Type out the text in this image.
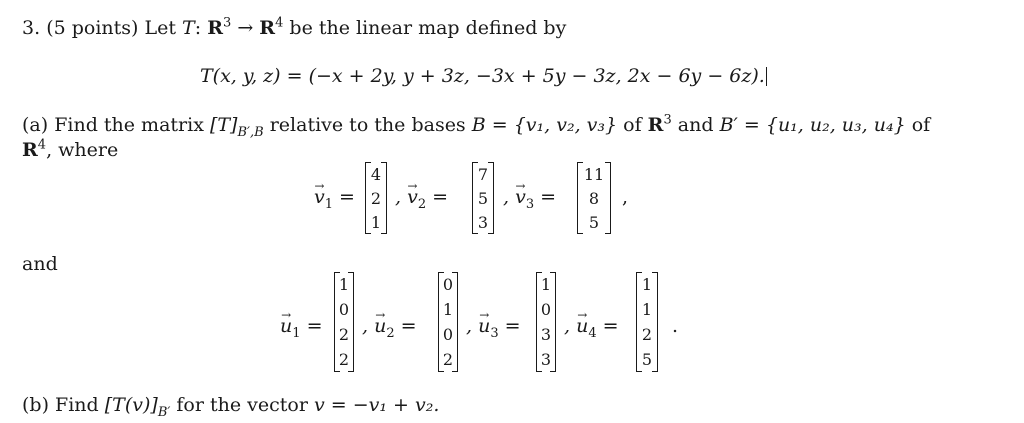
3. (5 points) Let T: $R^3 \to R^4$ be the linear map defined by
T(x, y, z) = (−x + 2y, y + 3z, −3x + 5y − 3z, 2x − 6y − 6z).
(a) Find the matrix $[T]_{B',B}$ relative to the bases B = {v₁, v₂, v₃} of $R^3$ and B′ = {u₁, u₂, u₃, u₄} of
$R^4$, where
→ $v_1$ =
4
2
1
, → $v_2$ =
7
5
3
, → $v_3$ =
11
8
5
,
and
→ $u_1$ =
1
0
2
2
, → $u_2$ =
0
1
0
2
, → $u_3$ =
1
0
3
3
, → $u_4$ =
1
1
2
5
.
(b) Find $[T(v)]_{B'}$ for the vector v = −v₁ + v₂.
